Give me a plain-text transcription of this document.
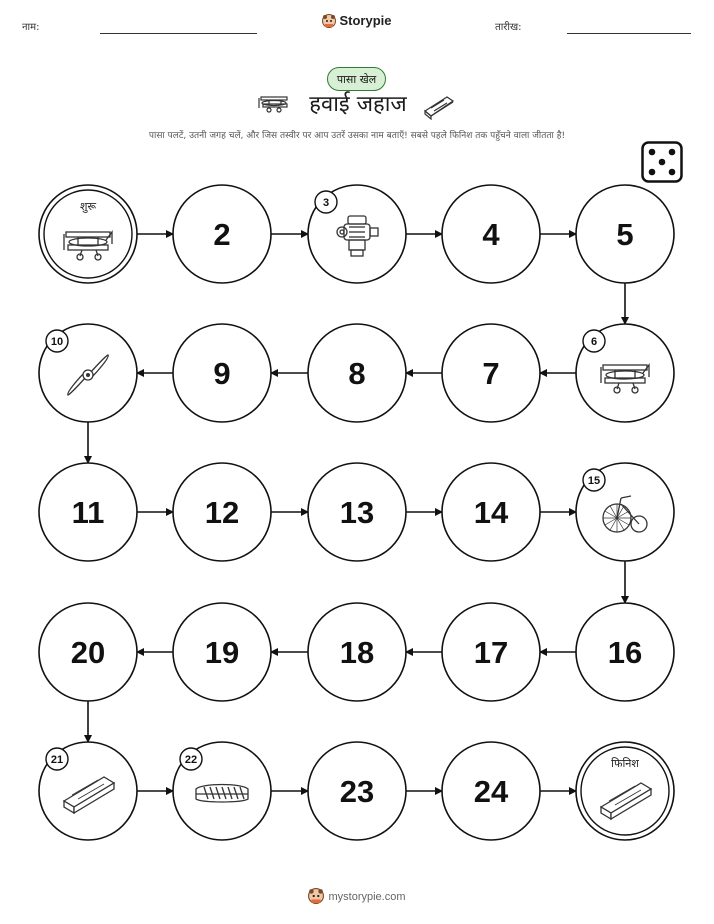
नाम:	Storypie	तारीख:
पासा खेल
हवाई जहाज
पासा पलटें, उतनी जगह चलें, और जिस तस्वीर पर आप उतरें उसका नाम बताएँ! सबसे पहले फिनिश तक पहुँचने वाला जीतता है!
शुरू
2
3
4	5
6
7
8
9
10
11	12	13	14
15
16
17
18
19
20
21	22
23	24
फिनिश
mystorypie.com
